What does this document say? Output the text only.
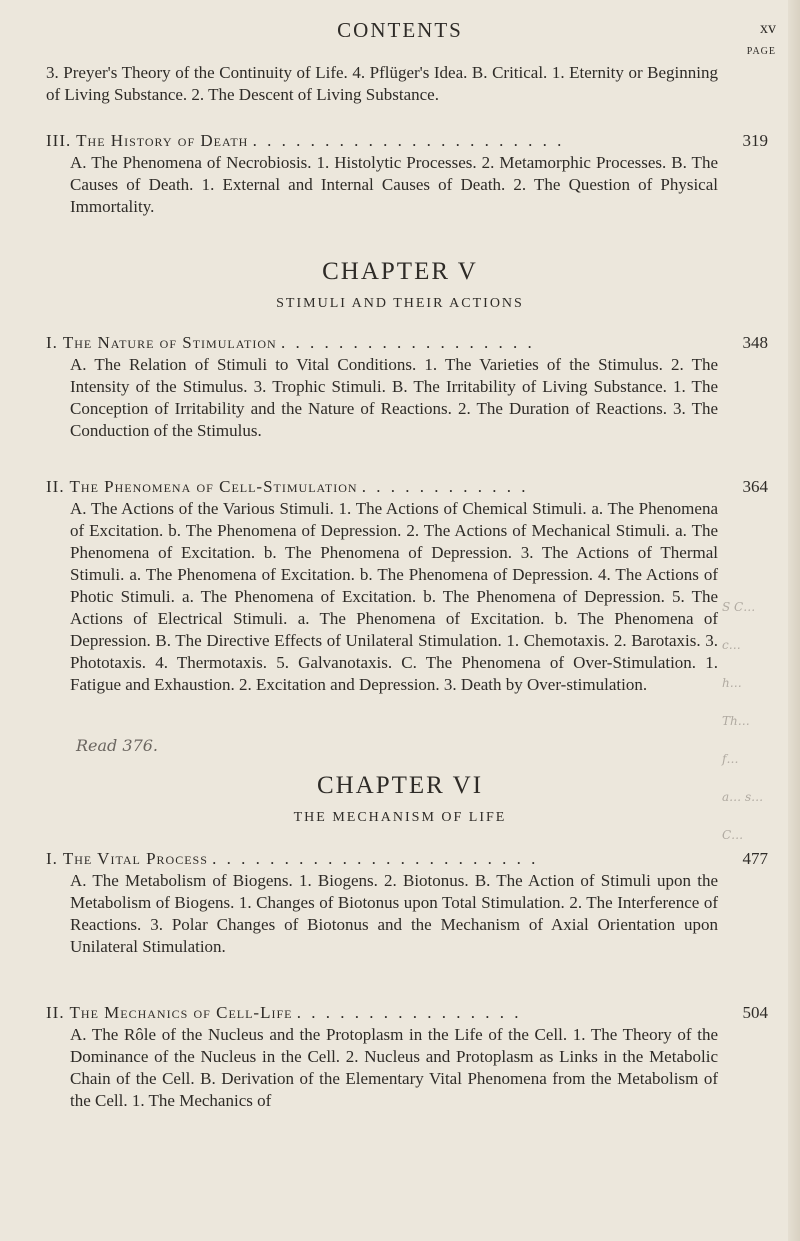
CONTENTS	xv
PAGE
3. Preyer's Theory of the Continuity of Life. 4. Pflüger's Idea. B. Critical. 1. Eternity or Beginning of Living Substance. 2. The Descent of Living Substance.
III. The History of Death . . . . . . . . . . . . . . . . . . . . . .	319
A. The Phenomena of Necrobiosis. 1. Histolytic Processes. 2. Metamorphic Processes. B. The Causes of Death. 1. External and Internal Causes of Death. 2. The Question of Physical Immortality.
CHAPTER V
STIMULI AND THEIR ACTIONS
I. The Nature of Stimulation . . . . . . . . . . . . . . . . . .	348
A. The Relation of Stimuli to Vital Conditions. 1. The Varieties of the Stimulus. 2. The Intensity of the Stimulus. 3. Trophic Stimuli. B. The Irritability of Living Substance. 1. The Conception of Irritability and the Nature of Reactions. 2. The Duration of Reactions. 3. The Conduction of the Stimulus.
II. The Phenomena of Cell-Stimulation . . . . . . . . . . . .	364
A. The Actions of the Various Stimuli. 1. The Actions of Chemical Stimuli. a. The Phenomena of Excitation. b. The Phenomena of Depression. 2. The Actions of Mechanical Stimuli. a. The Phenomena of Excitation. b. The Phenomena of Depression. 3. The Actions of Thermal Stimuli. a. The Phenomena of Excitation. b. The Phenomena of Depression. 4. The Actions of Photic Stimuli. a. The Phenomena of Excitation. b. The Phenomena of Depression. 5. The Actions of Electrical Stimuli. a. The Phenomena of Excitation. b. The Phenomena of Depression. B. The Directive Effects of Unilateral Stimulation. 1. Chemotaxis. 2. Barotaxis. 3. Phototaxis. 4. Thermotaxis. 5. Galvanotaxis. C. The Phenomena of Over-Stimulation. 1. Fatigue and Exhaustion. 2. Excitation and Depression. 3. Death by Over-stimulation.
Read 376.
CHAPTER VI
THE MECHANISM OF LIFE
I. The Vital Process . . . . . . . . . . . . . . . . . . . . . . .	477
A. The Metabolism of Biogens. 1. Biogens. 2. Biotonus. B. The Action of Stimuli upon the Metabolism of Biogens. 1. Changes of Biotonus upon Total Stimulation. 2. The Interference of Reactions. 3. Polar Changes of Biotonus and the Mechanism of Axial Orientation upon Unilateral Stimulation.
II. The Mechanics of Cell-Life . . . . . . . . . . . . . . . .	504
A. The Rôle of the Nucleus and the Protoplasm in the Life of the Cell. 1. The Theory of the Dominance of the Nucleus in the Cell. 2. Nucleus and Protoplasm as Links in the Metabolic Chain of the Cell. B. Derivation of the Elementary Vital Phenomena from the Metabolism of the Cell. 1. The Mechanics of
S C…
c…
h…
Th…
f…
a… s…
C…
